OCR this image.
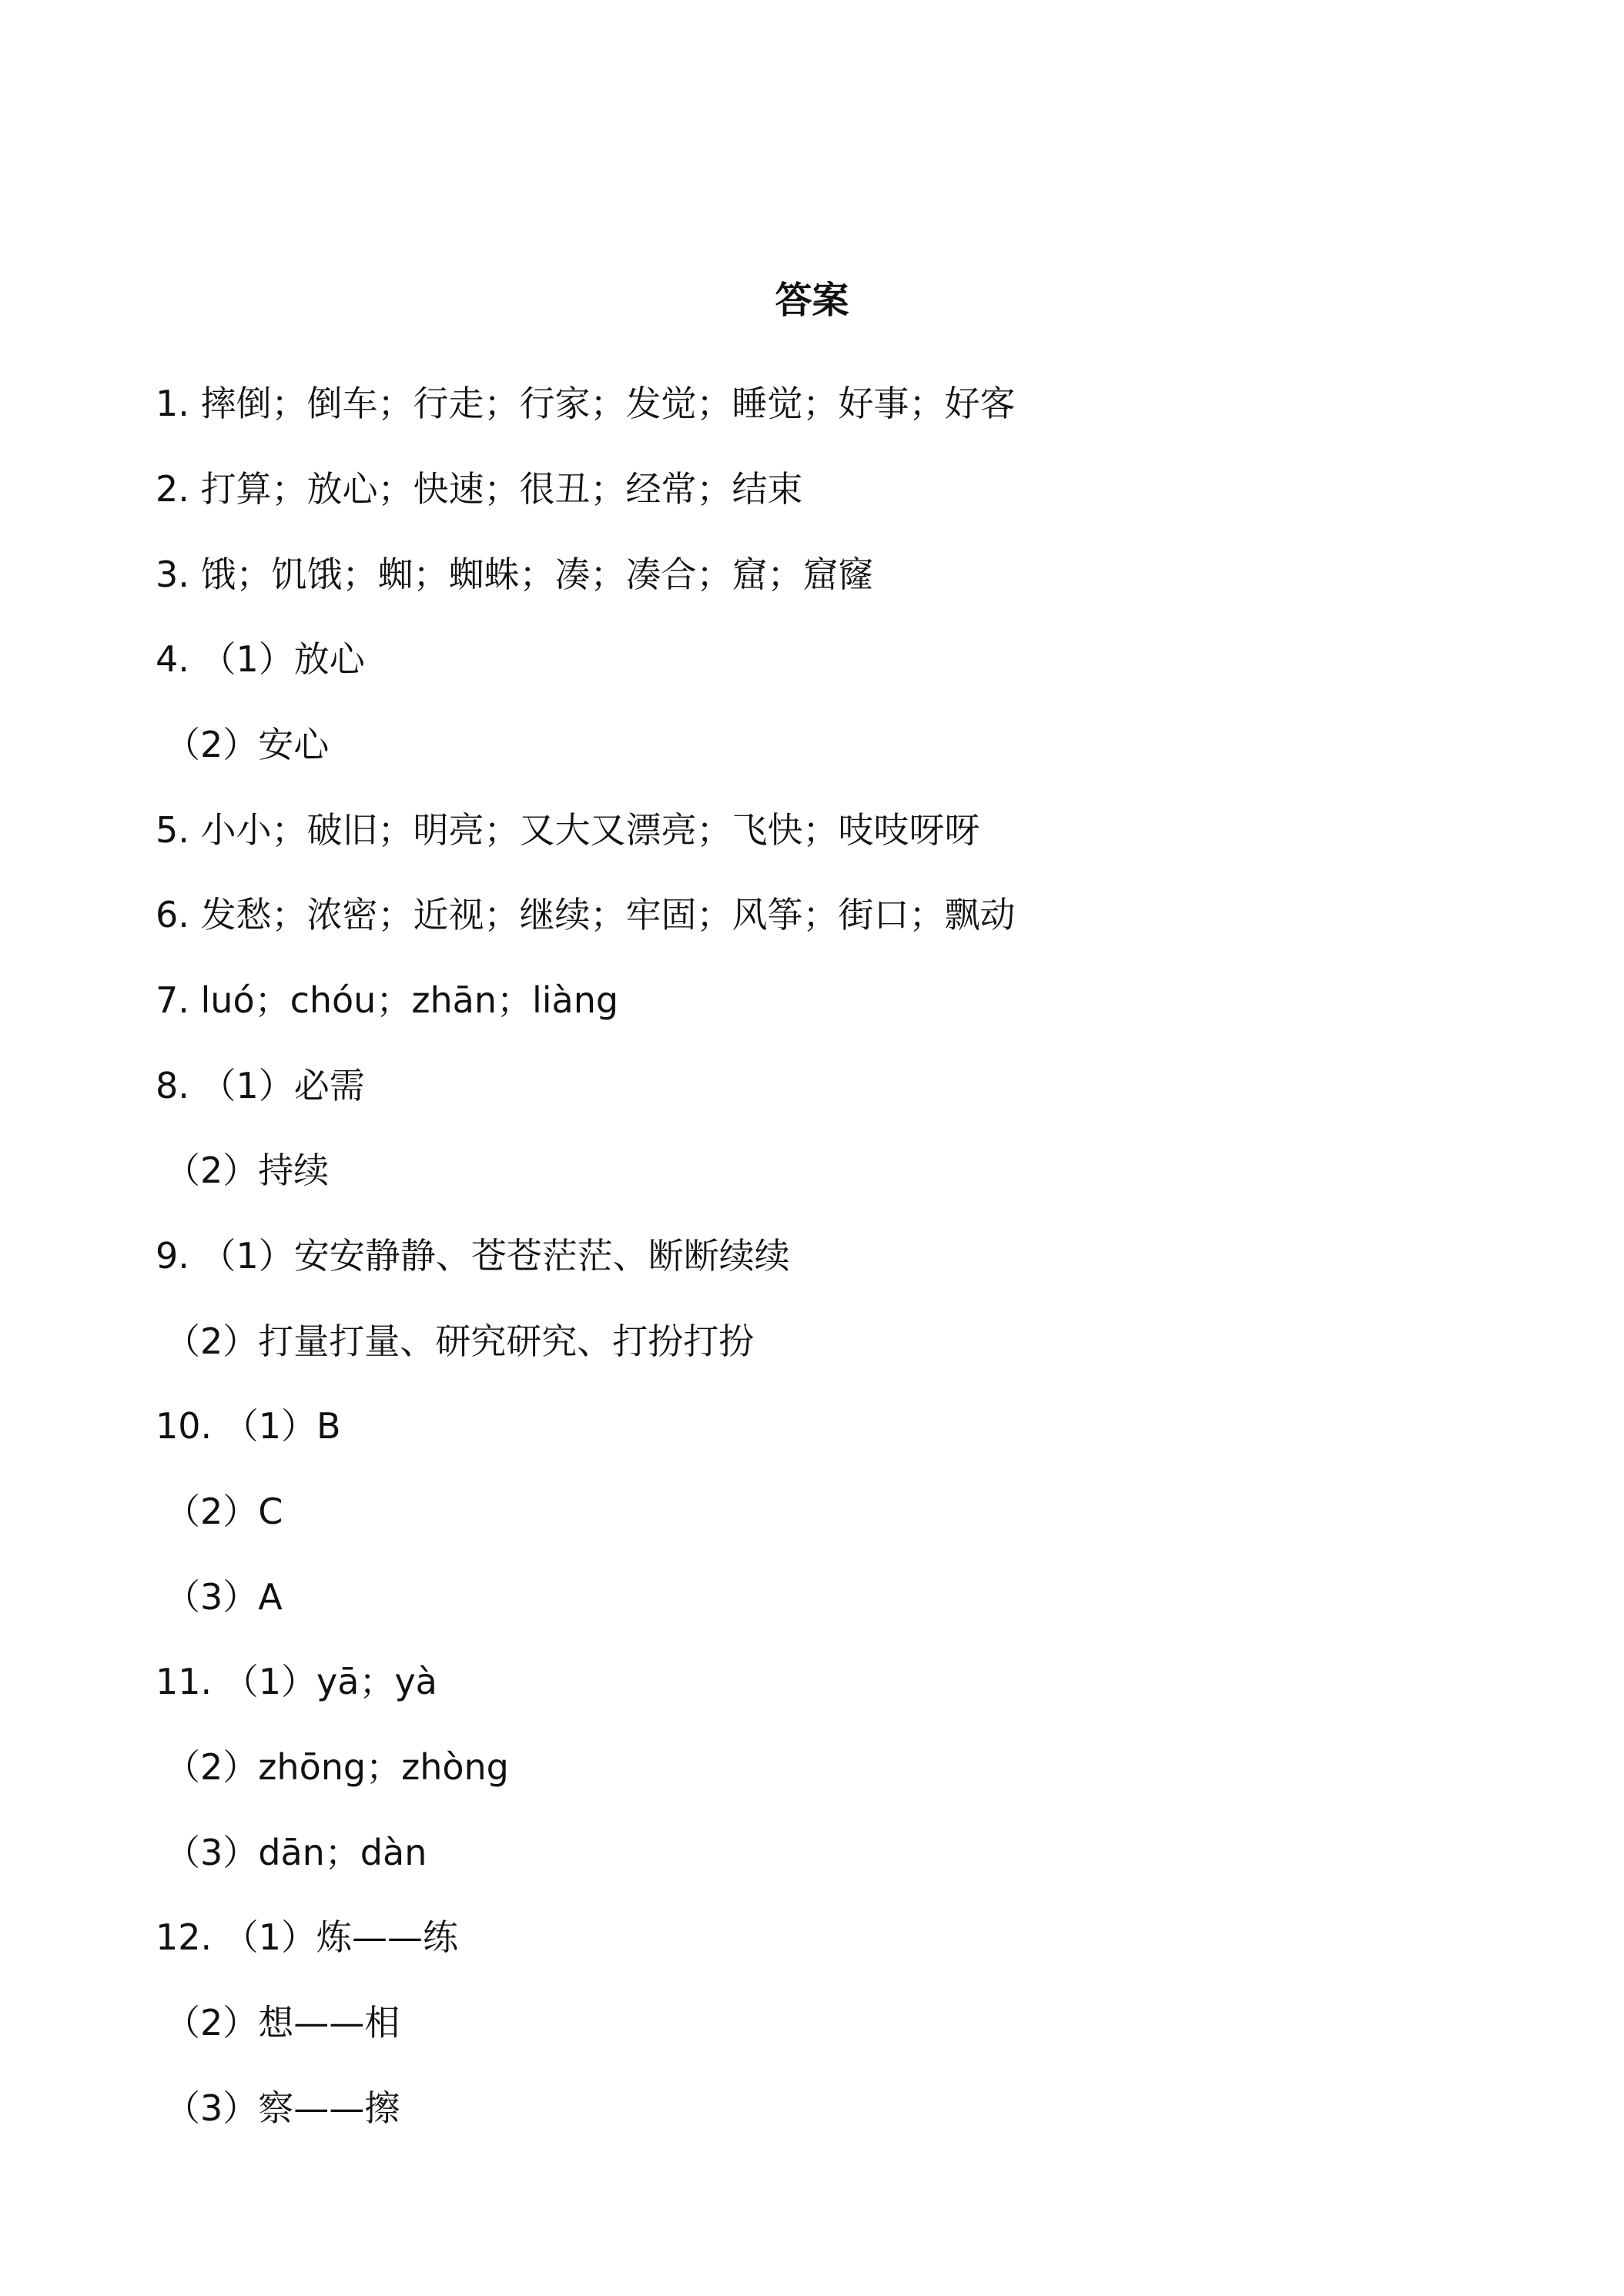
答案
1. 摔倒；倒车；行走；行家；发觉；睡觉；好事；好客
2. 打算；放心；快速；很丑；经常；结束
3. 饿；饥饿；蜘；蜘蛛；凑；凑合；窟；窟窿
4. （1）放心
（2）安心
5. 小小；破旧；明亮；又大又漂亮；飞快；吱吱呀呀
6. 发愁；浓密；近视；继续；牢固；风筝；街口；飘动
7. luó；chóu；zhān；liàng
8. （1）必需
（2）持续
9. （1）安安静静、苍苍茫茫、断断续续
（2）打量打量、研究研究、打扮打扮
10. （1）B
（2）C
（3）A
11. （1）yā；yà
（2）zhōng；zhòng
（3）dān；dàn
12. （1）炼——练
（2）想——相
（3）察——擦
